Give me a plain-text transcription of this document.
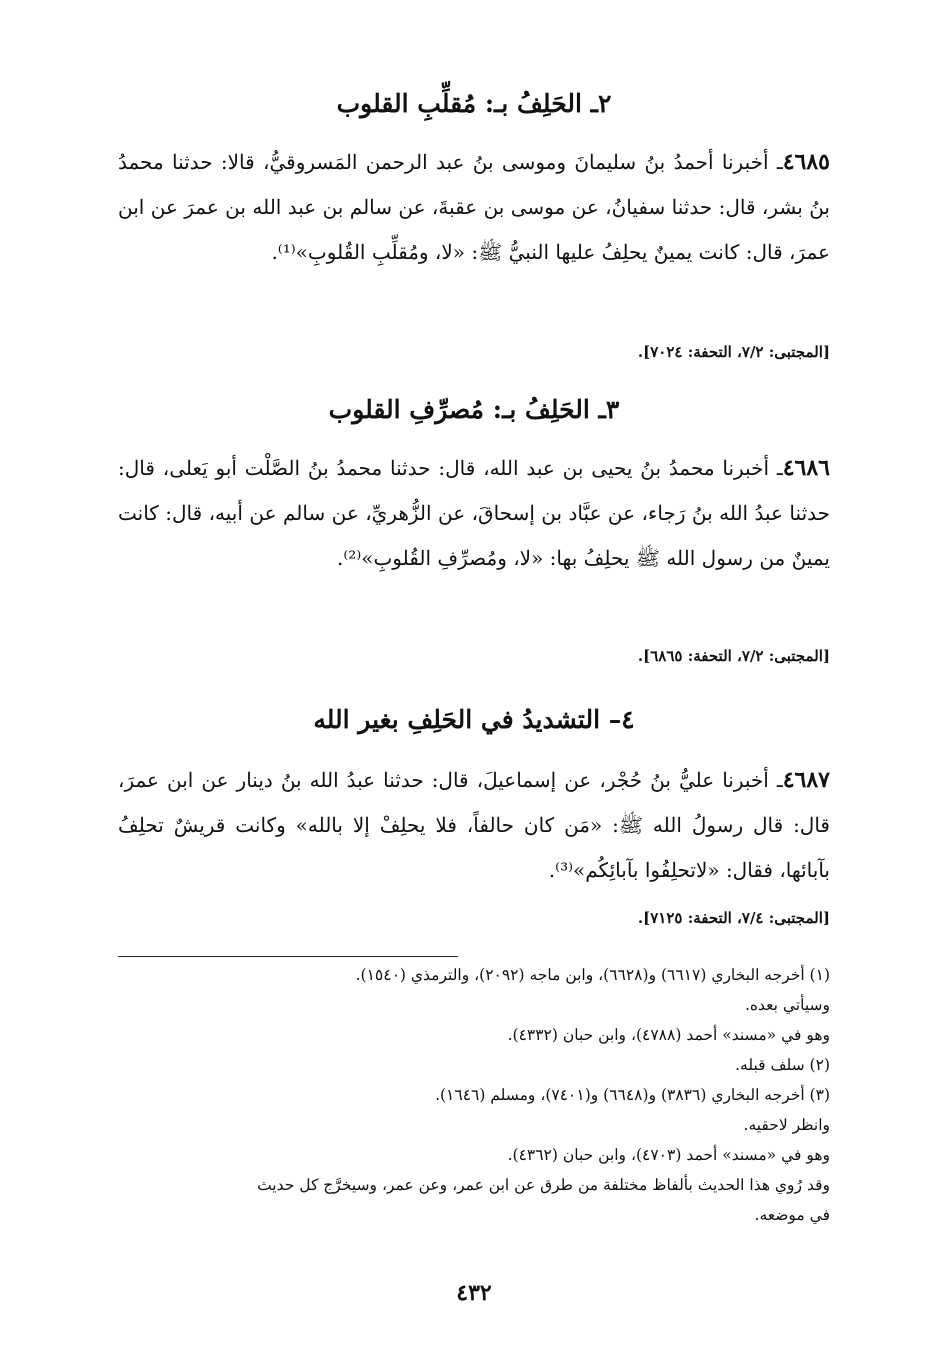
٢ـ الحَلِفُ بـ: مُقلِّبِ القلوب
٤٦٨٥ـ أخبرنا أحمدُ بنُ سليمانَ وموسى بنُ عبد الرحمن المَسروقيُّ، قالا: حدثنا محمدُ بنُ بشر، قال: حدثنا سفيانُ، عن موسى بن عقبةَ، عن سالم بن عبد الله بن عمرَ عن ابن عمرَ، قال: كانت يمينٌ يحلِفُ عليها النبيُّ ﷺ: «لا، ومُقلِّبِ القُلوبِ»⁽¹⁾.
[المجتبى: ٧/٢، التحفة: ٧٠٢٤].
٣ـ الحَلِفُ بـ: مُصرِّفِ القلوب
٤٦٨٦ـ أخبرنا محمدُ بنُ يحيى بن عبد الله، قال: حدثنا محمدُ بنُ الصَّلْت أبو يَعلى، قال: حدثنا عبدُ الله بنُ رَجاء، عن عبَّاد بن إسحاقَ، عن الزُّهريِّ، عن سالم عن أبيه، قال: كانت يمينٌ من رسول الله ﷺ يحلِفُ بها: «لا، ومُصرِّفِ القُلوبِ»⁽²⁾.
[المجتبى: ٧/٢، التحفة: ٦٨٦٥].
٤– التشديدُ في الحَلِفِ بغير الله
٤٦٨٧ـ أخبرنا عليُّ بنُ حُجْر، عن إسماعيلَ، قال: حدثنا عبدُ الله بنُ دينار عن ابن عمرَ، قال: قال رسولُ الله ﷺ: «مَن كان حالفاً، فلا يحلِفْ إلا بالله» وكانت قريشٌ تحلِفُ بآبائها، فقال: «لاتحلِفُوا بآبائِكُم»⁽³⁾.
[المجتبى: ٧/٤، التحفة: ٧١٢٥].
(١) أخرجه البخاري (٦٦١٧) و(٦٦٢٨)، وابن ماجه (٢٠٩٢)، والترمذي (١٥٤٠).
وسيأتي بعده.
وهو في «مسند» أحمد (٤٧٨٨)، وابن حبان (٤٣٣٢).
(٢) سلف قبله.
(٣) أخرجه البخاري (٣٨٣٦) و(٦٦٤٨) و(٧٤٠١)، ومسلم (١٦٤٦).
وانظر لاحقيه.
وهو في «مسند» أحمد (٤٧٠٣)، وابن حبان (٤٣٦٢).
وقد رُوي هذا الحديث بألفاظ مختلفة من طرق عن ابن عمر، وعن عمر، وسيخرَّج كل حديث
في موضعه.
٤٣٢
